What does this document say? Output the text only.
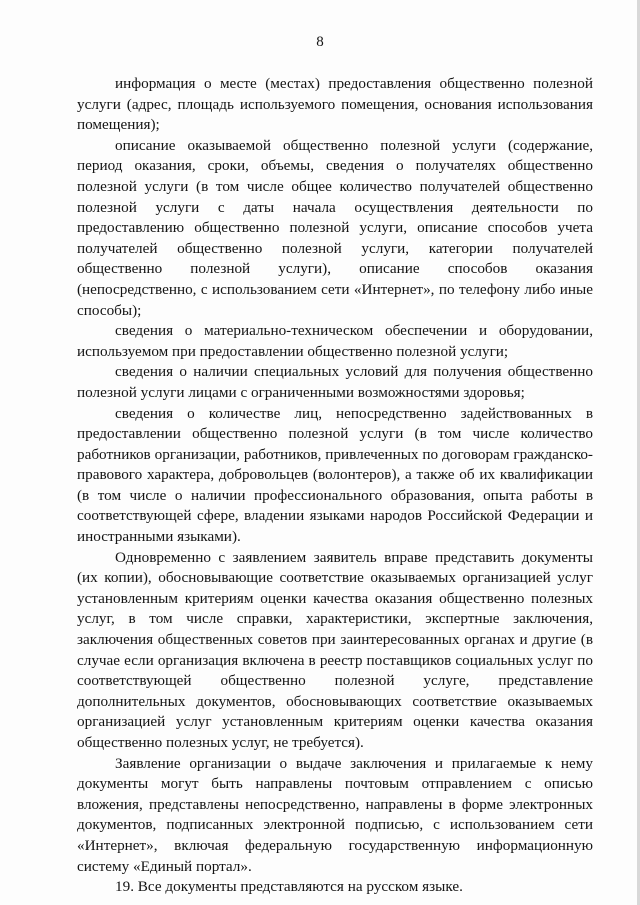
8

информация о месте (местах) предоставления общественно полезной услуги (адрес, площадь используемого помещения, основания использования помещения);

описание оказываемой общественно полезной услуги (содержание, период оказания, сроки, объемы, сведения о получателях общественно полезной услуги (в том числе общее количество получателей общественно полезной услуги с даты начала осуществления деятельности по предоставлению общественно полезной услуги, описание способов учета получателей общественно полезной услуги, категории получателей общественно полезной услуги), описание способов оказания (непосредственно, с использованием сети «Интернет», по телефону либо иные способы);

сведения о материально-техническом обеспечении и оборудовании, используемом при предоставлении общественно полезной услуги;

сведения о наличии специальных условий для получения общественно полезной услуги лицами с ограниченными возможностями здоровья;

сведения о количестве лиц, непосредственно задействованных в предоставлении общественно полезной услуги (в том числе количество работников организации, работников, привлеченных по договорам гражданско-правового характера, добровольцев (волонтеров), а также об их квалификации (в том числе о наличии профессионального образования, опыта работы в соответствующей сфере, владении языками народов Российской Федерации и иностранными языками).

Одновременно с заявлением заявитель вправе представить документы (их копии), обосновывающие соответствие оказываемых организацией услуг установленным критериям оценки качества оказания общественно полезных услуг, в том числе справки, характеристики, экспертные заключения, заключения общественных советов при заинтересованных органах и другие (в случае если организация включена в реестр поставщиков социальных услуг по соответствующей общественно полезной услуге, представление дополнительных документов, обосновывающих соответствие оказываемых организацией услуг установленным критериям оценки качества оказания общественно полезных услуг, не требуется).

Заявление организации о выдаче заключения и прилагаемые к нему документы могут быть направлены почтовым отправлением с описью вложения, представлены непосредственно, направлены в форме электронных документов, подписанных электронной подписью, с использованием сети «Интернет», включая федеральную государственную информационную систему «Единый портал».

19. Все документы представляются на русском языке.
